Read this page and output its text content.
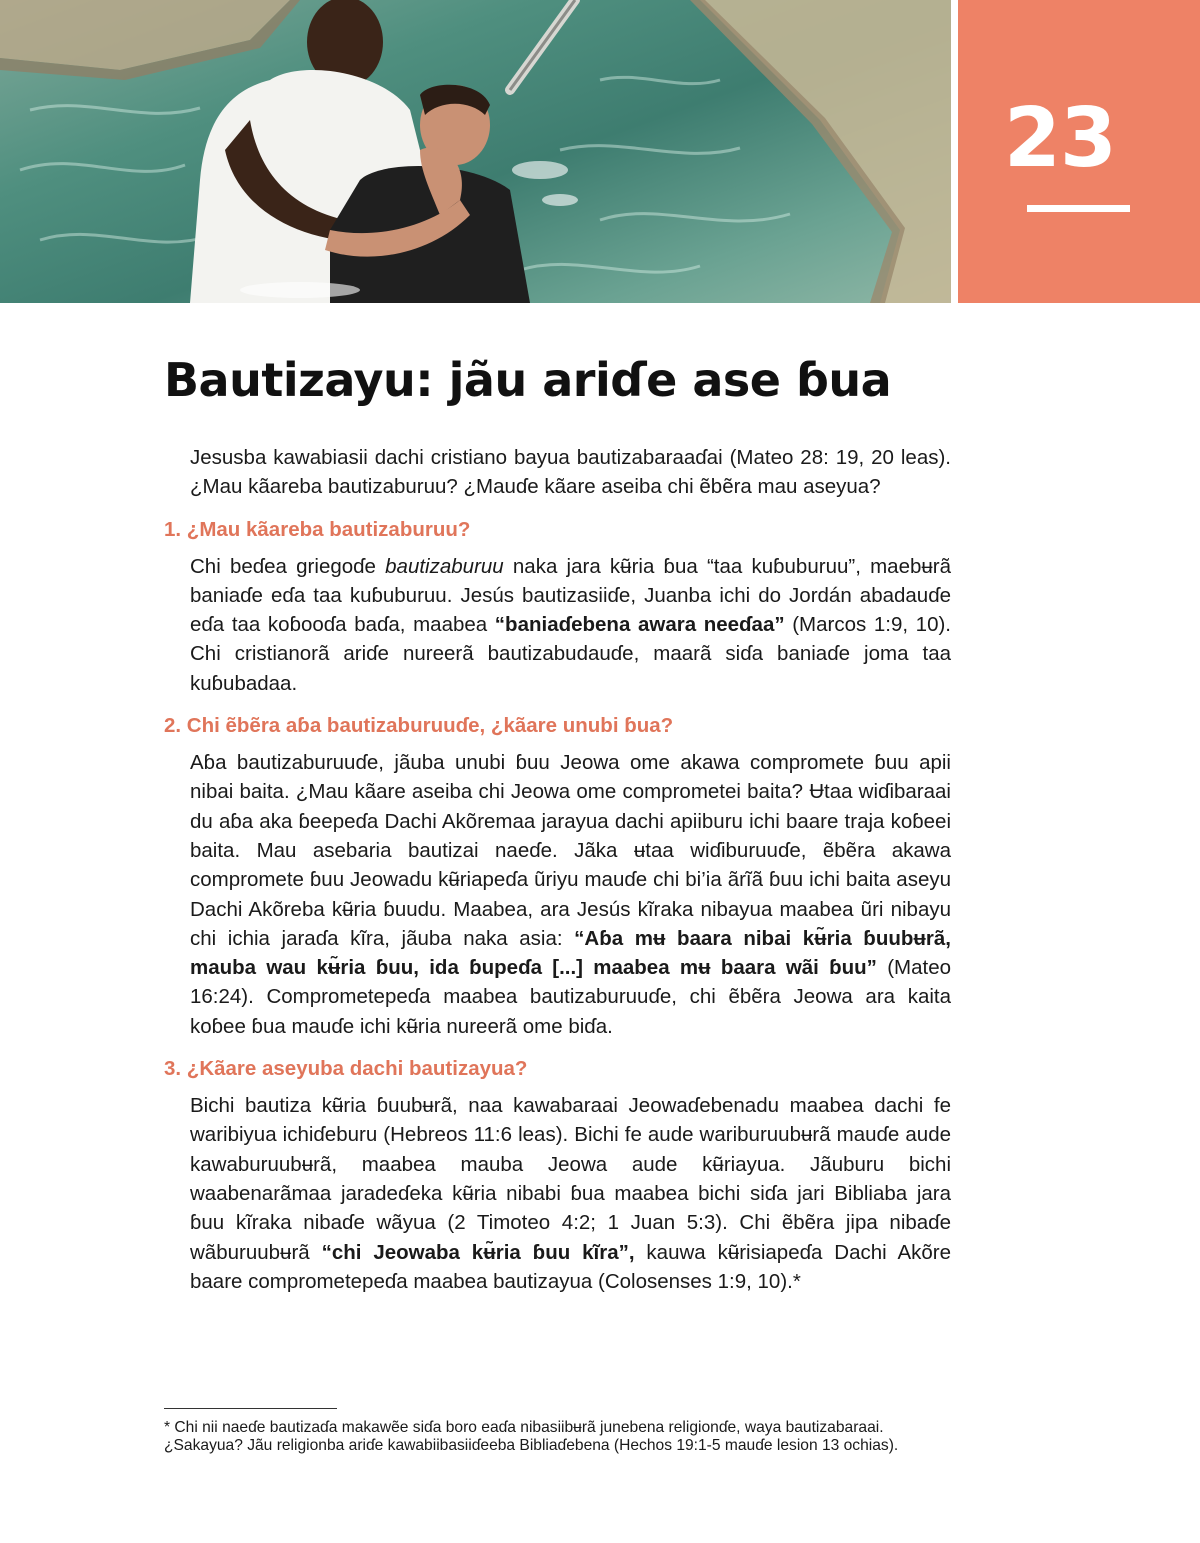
23
Bautizayu: jãu ariɗe ase ɓua

Jesusba kawabiasii dachi cristiano bayua bautizabaraaɗai (Mateo 28: 19, 20 leas). ¿Mau kãareba bautizaburuu? ¿Mauɗe kãare aseiba chi ẽbẽra mau aseyua?

1. ¿Mau kãareba bautizaburuu?

Chi beɗea griegoɗe bautizaburuu naka jara kʉ̃ria ɓua “taa kuɓuburuu”, maebʉrã baniaɗe eɗa taa kuɓuburuu. Jesús bautizasiiɗe, Juanba ichi do Jordán abadauɗe eɗa taa koɓooɗa baɗa, maabea “baniaɗebena awara neeɗaa” (Marcos 1:9, 10). Chi cristianorã ariɗe nureerã bautizabudauɗe, maarã siɗa baniaɗe joma taa kuɓubadaa.

2. Chi ẽbẽra aɓa bautizaburuuɗe, ¿kãare unubi ɓua?

Aɓa bautizaburuuɗe, jãuba unubi ɓuu Jeowa ome akawa compromete ɓuu apii nibai baita. ¿Mau kãare aseiba chi Jeowa ome comprometei baita? Ʉtaa wiɗibaraai du aɓa aka ɓeepeɗa Dachi Akõremaa jarayua dachi apiiburu ichi baare traja koɓeei baita. Mau asebaria bautizai naeɗe. Jãka ʉtaa wiɗiburuuɗe, ẽbẽra akawa compromete ɓuu Jeowadu kʉ̃riapeɗa ũriyu mauɗe chi bi’ia ãrĩã ɓuu ichi baita aseyu Dachi Akõreba kʉ̃ria ɓuudu. Maabea, ara Jesús kĩraka nibayua maabea ũri nibayu chi ichia jaraɗa kĩra, jãuba naka asia: “Aɓa mʉ baara nibai kʉ̃ria ɓuubʉrã, mauba wau kʉ̃ria ɓuu, ida ɓupeɗa [...] maabea mʉ baara wãi ɓuu” (Mateo 16:24). Comprometepeɗa maabea bautizaburuuɗe, chi ẽbẽra Jeowa ara kaita koɓee ɓua mauɗe ichi kʉ̃ria nureerã ome biɗa.

3. ¿Kãare aseyuba dachi bautizayua?

Bichi bautiza kʉ̃ria ɓuubʉrã, naa kawabaraai Jeowaɗebenadu maabea dachi fe waribiyua ichiɗeburu (Hebreos 11:6 leas). Bichi fe aude wariburuubʉrã mauɗe aude kawaburuubʉrã, maabea mauba Jeowa aude kʉ̃riayua. Jãuburu bichi waabenarãmaa jaradeɗeka kʉ̃ria nibabi ɓua maabea bichi siɗa jari Bibliaba jara ɓuu kĩraka nibaɗe wãyua (2 Timoteo 4:2; 1 Juan 5:3). Chi ẽbẽra jipa nibaɗe wãburuubʉrã “chi Jeowaba kʉ̃ria ɓuu kĩra”, kauwa kʉ̃risiapeɗa Dachi Akõre baare comprometepeɗa maabea bautizayua (Colosenses 1:9, 10).*

* Chi nii naeɗe bautizaɗa makawẽe siɗa boro eaɗa nibasiibʉrã junebena religionɗe, waya bautizabaraai. ¿Sakayua? Jãu religionba ariɗe kawabiibasiiɗeeba Bibliaɗebena (Hechos 19:1-5 mauɗe lesion 13 ochias).
